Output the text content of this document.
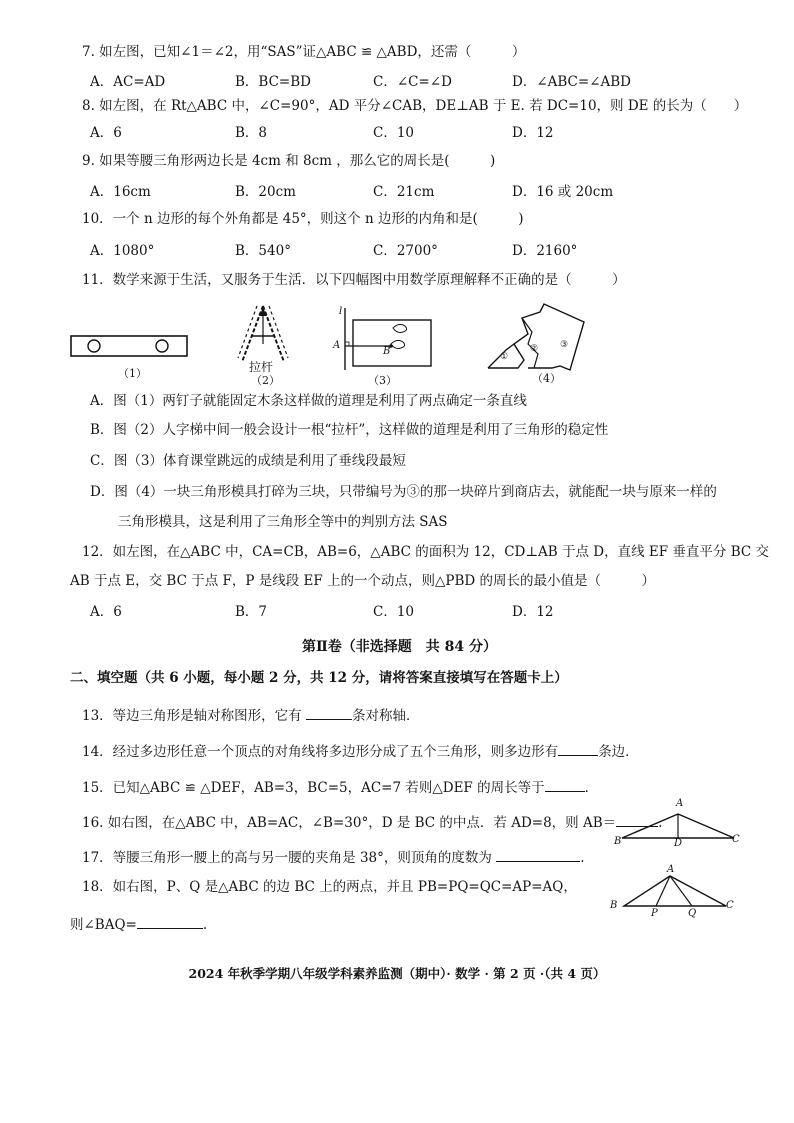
7. 如左图，已知∠1＝∠2，用“SAS”证△ABC ≌ △ABD，还需（　　　）
A．AC=AD	B．BC=BD	C．∠C=∠D	D．∠ABC=∠ABD
8. 如左图，在 Rt△ABC 中，∠C=90°，AD 平分∠CAB，DE⊥AB 于 E. 若 DC=10，则 DE 的长为（　　）
A．6	B．8	C．10	D．12
9. 如果等腰三角形两边长是 4cm 和 8cm ，那么它的周长是(　　　)
A．16cm	B．20cm	C．21cm	D．16 或 20cm
10．一个 n 边形的每个外角都是 45°，则这个 n 边形的内角和是(　　　)
A．1080°	B．540°	C．2700°	D．2160°
11．数学来源于生活，又服务于生活．以下四幅图中用数学原理解释不正确的是（　　　）
（1）	拉杆
（2）
l
A
B
（3）
①
② ③
（4）
A．图（1）两钉子就能固定木条这样做的道理是利用了两点确定一条直线
B．图（2）人字梯中间一般会设计一根“拉杆”，这样做的道理是利用了三角形的稳定性
C．图（3）体育课堂跳远的成绩是利用了垂线段最短
D．图（4）一块三角形模具打碎为三块，只带编号为③的那一块碎片到商店去，就能配一块与原来一样的
三角形模具，这是利用了三角形全等中的判别方法 SAS
12．如左图，在△ABC 中，CA=CB，AB=6，△ABC 的面积为 12，CD⊥AB 于点 D，直线 EF 垂直平分 BC 交
AB 于点 E，交 BC 于点 F，P 是线段 EF 上的一个动点，则△PBD 的周长的最小值是（　　　）
A．6	B．7	C．10	D．12
第Ⅱ卷（非选择题　共 84 分）
二、填空题（共 6 小题，每小题 2 分，共 12 分，请将答案直接填写在答题卡上）
13．等边三角形是轴对称图形，它有	条对称轴．
14．经过多边形任意一个顶点的对角线将多边形分成了五个三角形，则多边形有	条边．
15．已知△ABC ≌ △DEF，AB=3，BC=5，AC=7 若则△DEF 的周长等于	．
16. 如右图，在△ABC 中，AB=AC，∠B=30°，D 是 BC 的中点．若 AD=8，则 AB＝	.
A
B	C
D
17．等腰三角形一腰上的高与另一腰的夹角是 38°，则顶角的度数为	.
18．如右图，P、Q 是△ABC 的边 BC 上的两点，并且 PB=PQ=QC=AP=AQ，
则∠BAQ=	.
A
B	C
P	Q
2024 年秋季学期八年级学科素养监测（期中）· 数学 · 第 2 页 ·（共 4 页）
